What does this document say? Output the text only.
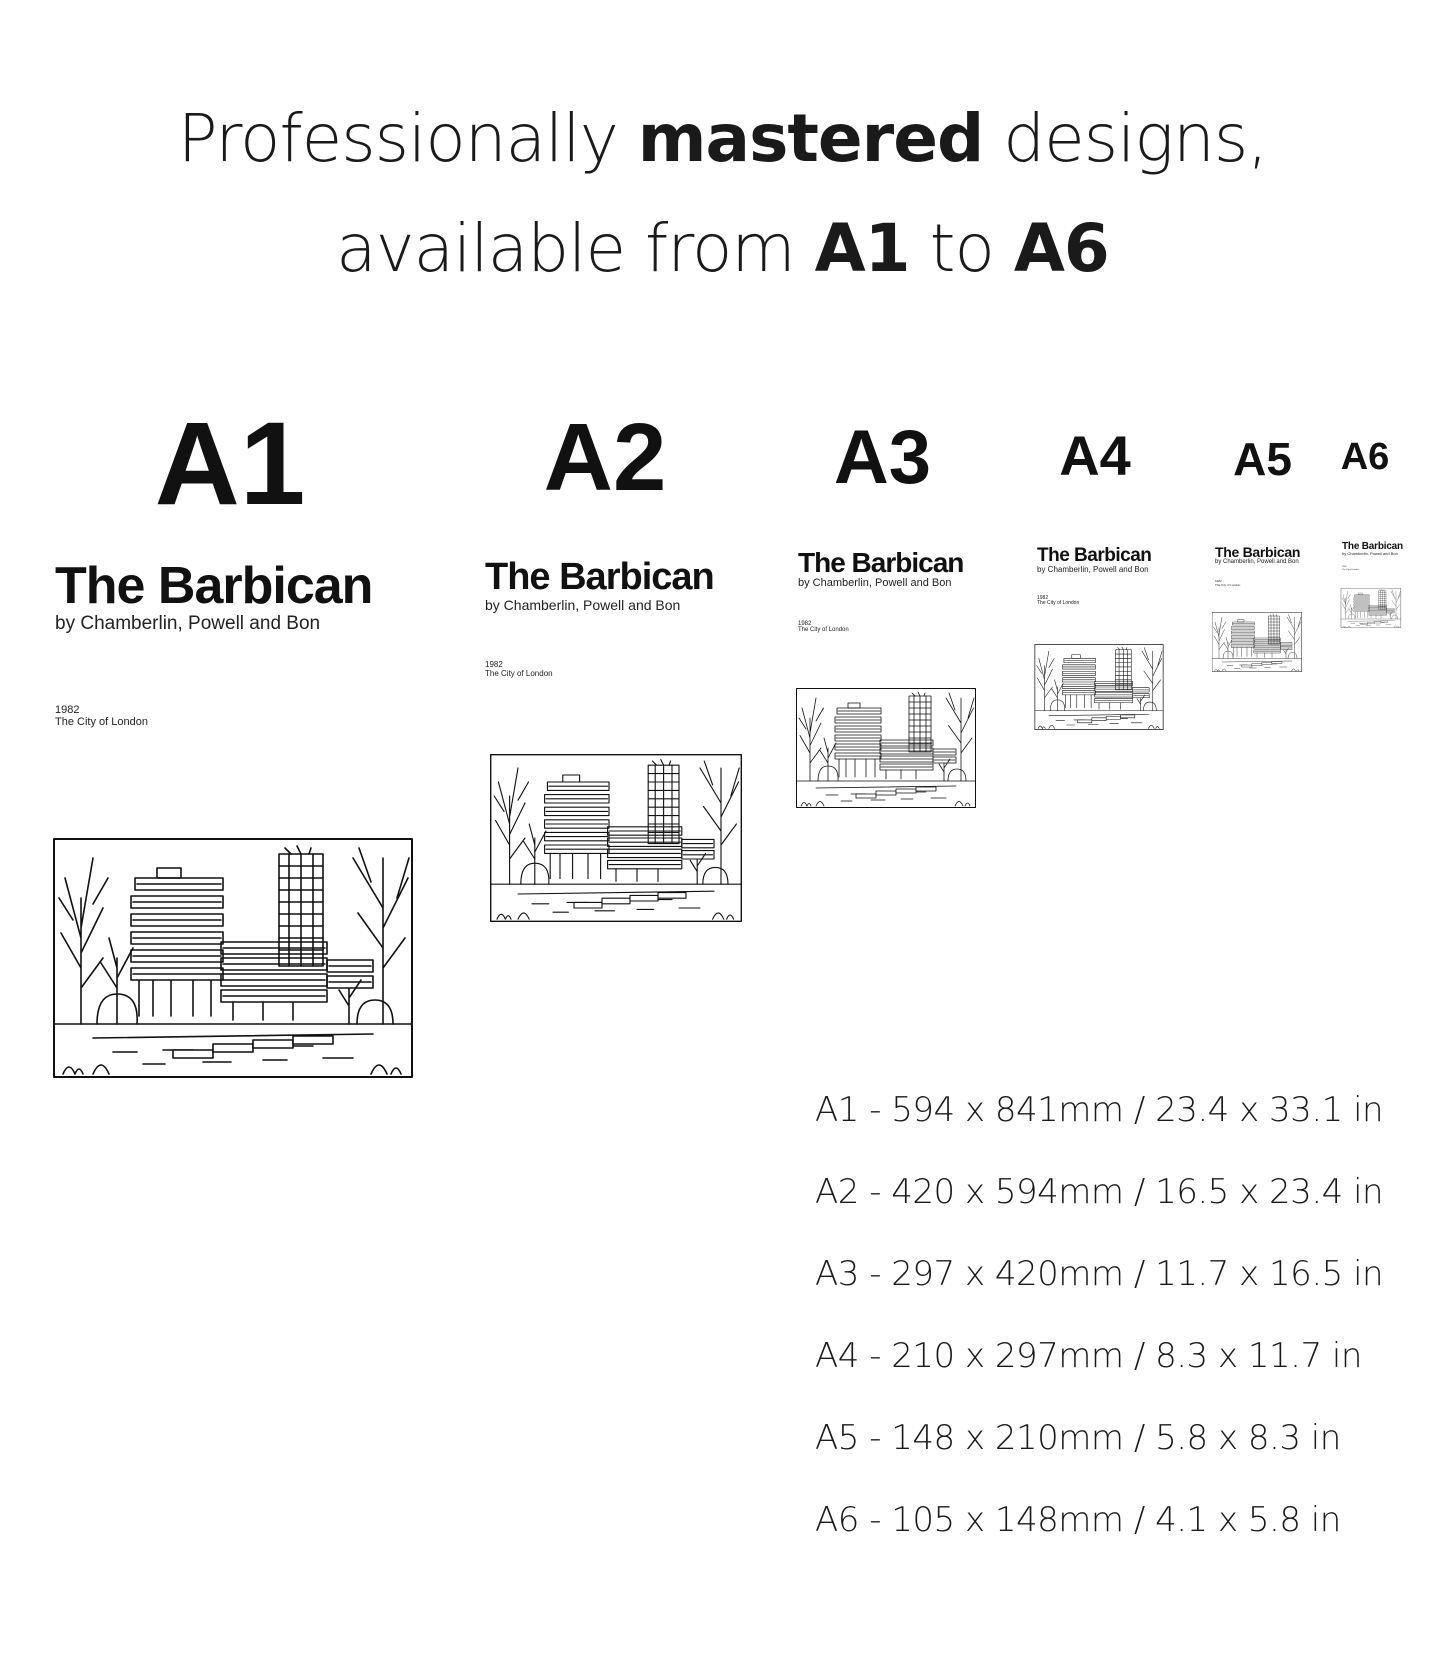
Professionally mastered designs,
available from A1 to A6
A1 A2 A3 A4 A5 A6
The Barbican
by Chamberlin, Powell and Bon
1982
The City of London
The Barbican
by Chamberlin, Powell and Bon
1982
The City of London
The Barbican
by Chamberlin, Powell and Bon
1982
The City of London
The Barbican
by Chamberlin, Powell and Bon
1982
The City of London
The Barbican
by Chamberlin, Powell and Bon
1982
The City of London
The Barbican
by Chamberlin, Powell and Bon
1982
The City of London
A1 - 594 x 841mm / 23.4 x 33.1 in
A2 - 420 x 594mm / 16.5 x 23.4 in
A3 - 297 x 420mm / 11.7 x 16.5 in
A4 - 210 x 297mm / 8.3 x 11.7 in
A5 - 148 x 210mm / 5.8 x 8.3 in
A6 - 105 x 148mm / 4.1 x 5.8 in
